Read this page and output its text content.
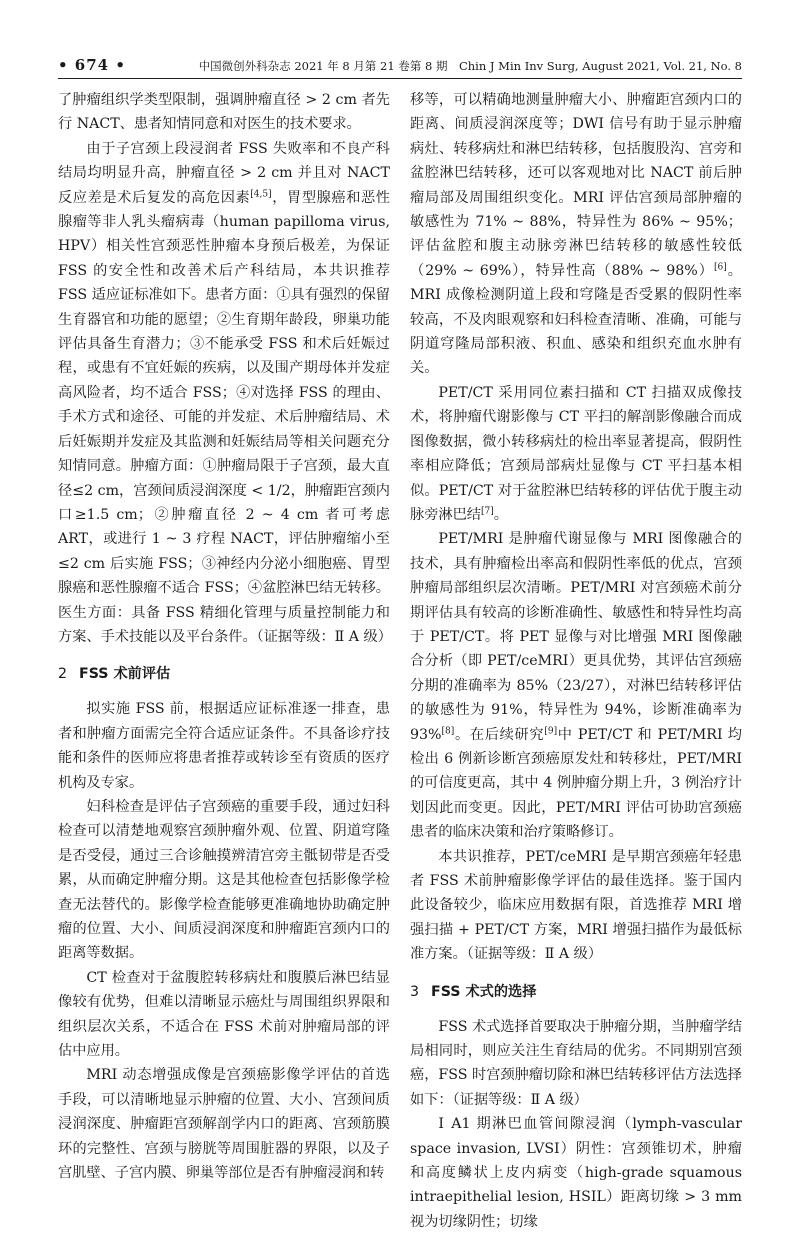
• 674 •	中国微创外科杂志 2021 年 8 月第 21 卷第 8 期　Chin J Min Inv Surg, August 2021, Vol. 21, No. 8

了肿瘤组织学类型限制，强调肿瘤直径 > 2 cm 者先行 NACT、患者知情同意和对医生的技术要求。

由于子宫颈上段浸润者 FSS 失败率和不良产科结局均明显升高，肿瘤直径 > 2 cm 并且对 NACT 反应差是术后复发的高危因素[4,5]，胃型腺癌和恶性腺瘤等非人乳头瘤病毒（human papilloma virus, HPV）相关性宫颈恶性肿瘤本身预后极差，为保证 FSS 的安全性和改善术后产科结局，本共识推荐 FSS 适应证标准如下。患者方面：①具有强烈的保留生育器官和功能的愿望；②生育期年龄段，卵巢功能评估具备生育潜力；③不能承受 FSS 和术后妊娠过程，或患有不宜妊娠的疾病，以及围产期母体并发症高风险者，均不适合 FSS；④对选择 FSS 的理由、手术方式和途径、可能的并发症、术后肿瘤结局、术后妊娠期并发症及其监测和妊娠结局等相关问题充分知情同意。肿瘤方面：①肿瘤局限于子宫颈，最大直径≤2 cm，宫颈间质浸润深度 < 1/2，肿瘤距宫颈内口≥1.5 cm；②肿瘤直径 2 ~ 4 cm 者可考虑 ART，或进行 1 ~ 3 疗程 NACT，评估肿瘤缩小至≤2 cm 后实施 FSS；③神经内分泌小细胞癌、胃型腺癌和恶性腺瘤不适合 FSS；④盆腔淋巴结无转移。医生方面：具备 FSS 精细化管理与质量控制能力和方案、手术技能以及平台条件。（证据等级：Ⅱ A 级）

2 FSS 术前评估

拟实施 FSS 前，根据适应证标准逐一排查，患者和肿瘤方面需完全符合适应证条件。不具备诊疗技能和条件的医师应将患者推荐或转诊至有资质的医疗机构及专家。

妇科检查是评估子宫颈癌的重要手段，通过妇科检查可以清楚地观察宫颈肿瘤外观、位置、阴道穹隆是否受侵，通过三合诊触摸辨清宫旁主骶韧带是否受累，从而确定肿瘤分期。这是其他检查包括影像学检查无法替代的。影像学检查能够更准确地协助确定肿瘤的位置、大小、间质浸润深度和肿瘤距宫颈内口的距离等数据。

CT 检查对于盆腹腔转移病灶和腹膜后淋巴结显像较有优势，但难以清晰显示癌灶与周围组织界限和组织层次关系，不适合在 FSS 术前对肿瘤局部的评估中应用。

MRI 动态增强成像是宫颈癌影像学评估的首选手段，可以清晰地显示肿瘤的位置、大小、宫颈间质浸润深度、肿瘤距宫颈解剖学内口的距离、宫颈筋膜环的完整性、宫颈与膀胱等周围脏器的界限，以及子宫肌壁、子宫内膜、卵巢等部位是否有肿瘤浸润和转

移等，可以精确地测量肿瘤大小、肿瘤距宫颈内口的距离、间质浸润深度等；DWI 信号有助于显示肿瘤病灶、转移病灶和淋巴结转移，包括腹股沟、宫旁和盆腔淋巴结转移，还可以客观地对比 NACT 前后肿瘤局部及周围组织变化。MRI 评估宫颈局部肿瘤的敏感性为 71% ~ 88%，特异性为 86% ~ 95%；评估盆腔和腹主动脉旁淋巴结转移的敏感性较低（29% ~ 69%），特异性高（88% ~ 98%）[6]。MRI 成像检测阴道上段和穹隆是否受累的假阴性率较高，不及肉眼观察和妇科检查清晰、准确，可能与阴道穹隆局部积液、积血、感染和组织充血水肿有关。

PET/CT 采用同位素扫描和 CT 扫描双成像技术，将肿瘤代谢影像与 CT 平扫的解剖影像融合而成图像数据，微小转移病灶的检出率显著提高，假阴性率相应降低；宫颈局部病灶显像与 CT 平扫基本相似。PET/CT 对于盆腔淋巴结转移的评估优于腹主动脉旁淋巴结[7]。

PET/MRI 是肿瘤代谢显像与 MRI 图像融合的技术，具有肿瘤检出率高和假阴性率低的优点，宫颈肿瘤局部组织层次清晰。PET/MRI 对宫颈癌术前分期评估具有较高的诊断准确性、敏感性和特异性均高于 PET/CT。将 PET 显像与对比增强 MRI 图像融合分析（即 PET/ceMRI）更具优势，其评估宫颈癌分期的准确率为 85%（23/27），对淋巴结转移评估的敏感性为 91%，特异性为 94%，诊断准确率为 93%[8]。在后续研究[9]中 PET/CT 和 PET/MRI 均检出 6 例新诊断宫颈癌原发灶和转移灶，PET/MRI 的可信度更高，其中 4 例肿瘤分期上升，3 例治疗计划因此而变更。因此，PET/MRI 评估可协助宫颈癌患者的临床决策和治疗策略修订。

本共识推荐，PET/ceMRI 是早期宫颈癌年轻患者 FSS 术前肿瘤影像学评估的最佳选择。鉴于国内此设备较少，临床应用数据有限，首选推荐 MRI 增强扫描 + PET/CT 方案，MRI 增强扫描作为最低标准方案。（证据等级：Ⅱ A 级）

3 FSS 术式的选择

FSS 术式选择首要取决于肿瘤分期，当肿瘤学结局相同时，则应关注生育结局的优劣。不同期别宫颈癌，FSS 时宫颈肿瘤切除和淋巴结转移评估方法选择如下：（证据等级：Ⅱ A 级）

Ⅰ A1 期淋巴血管间隙浸润（lymph-vascular space invasion, LVSI）阴性：宫颈锥切术，肿瘤和高度鳞状上皮内病变（high-grade squamous intraepithelial lesion, HSIL）距离切缘 > 3 mm 视为切缘阴性；切缘
